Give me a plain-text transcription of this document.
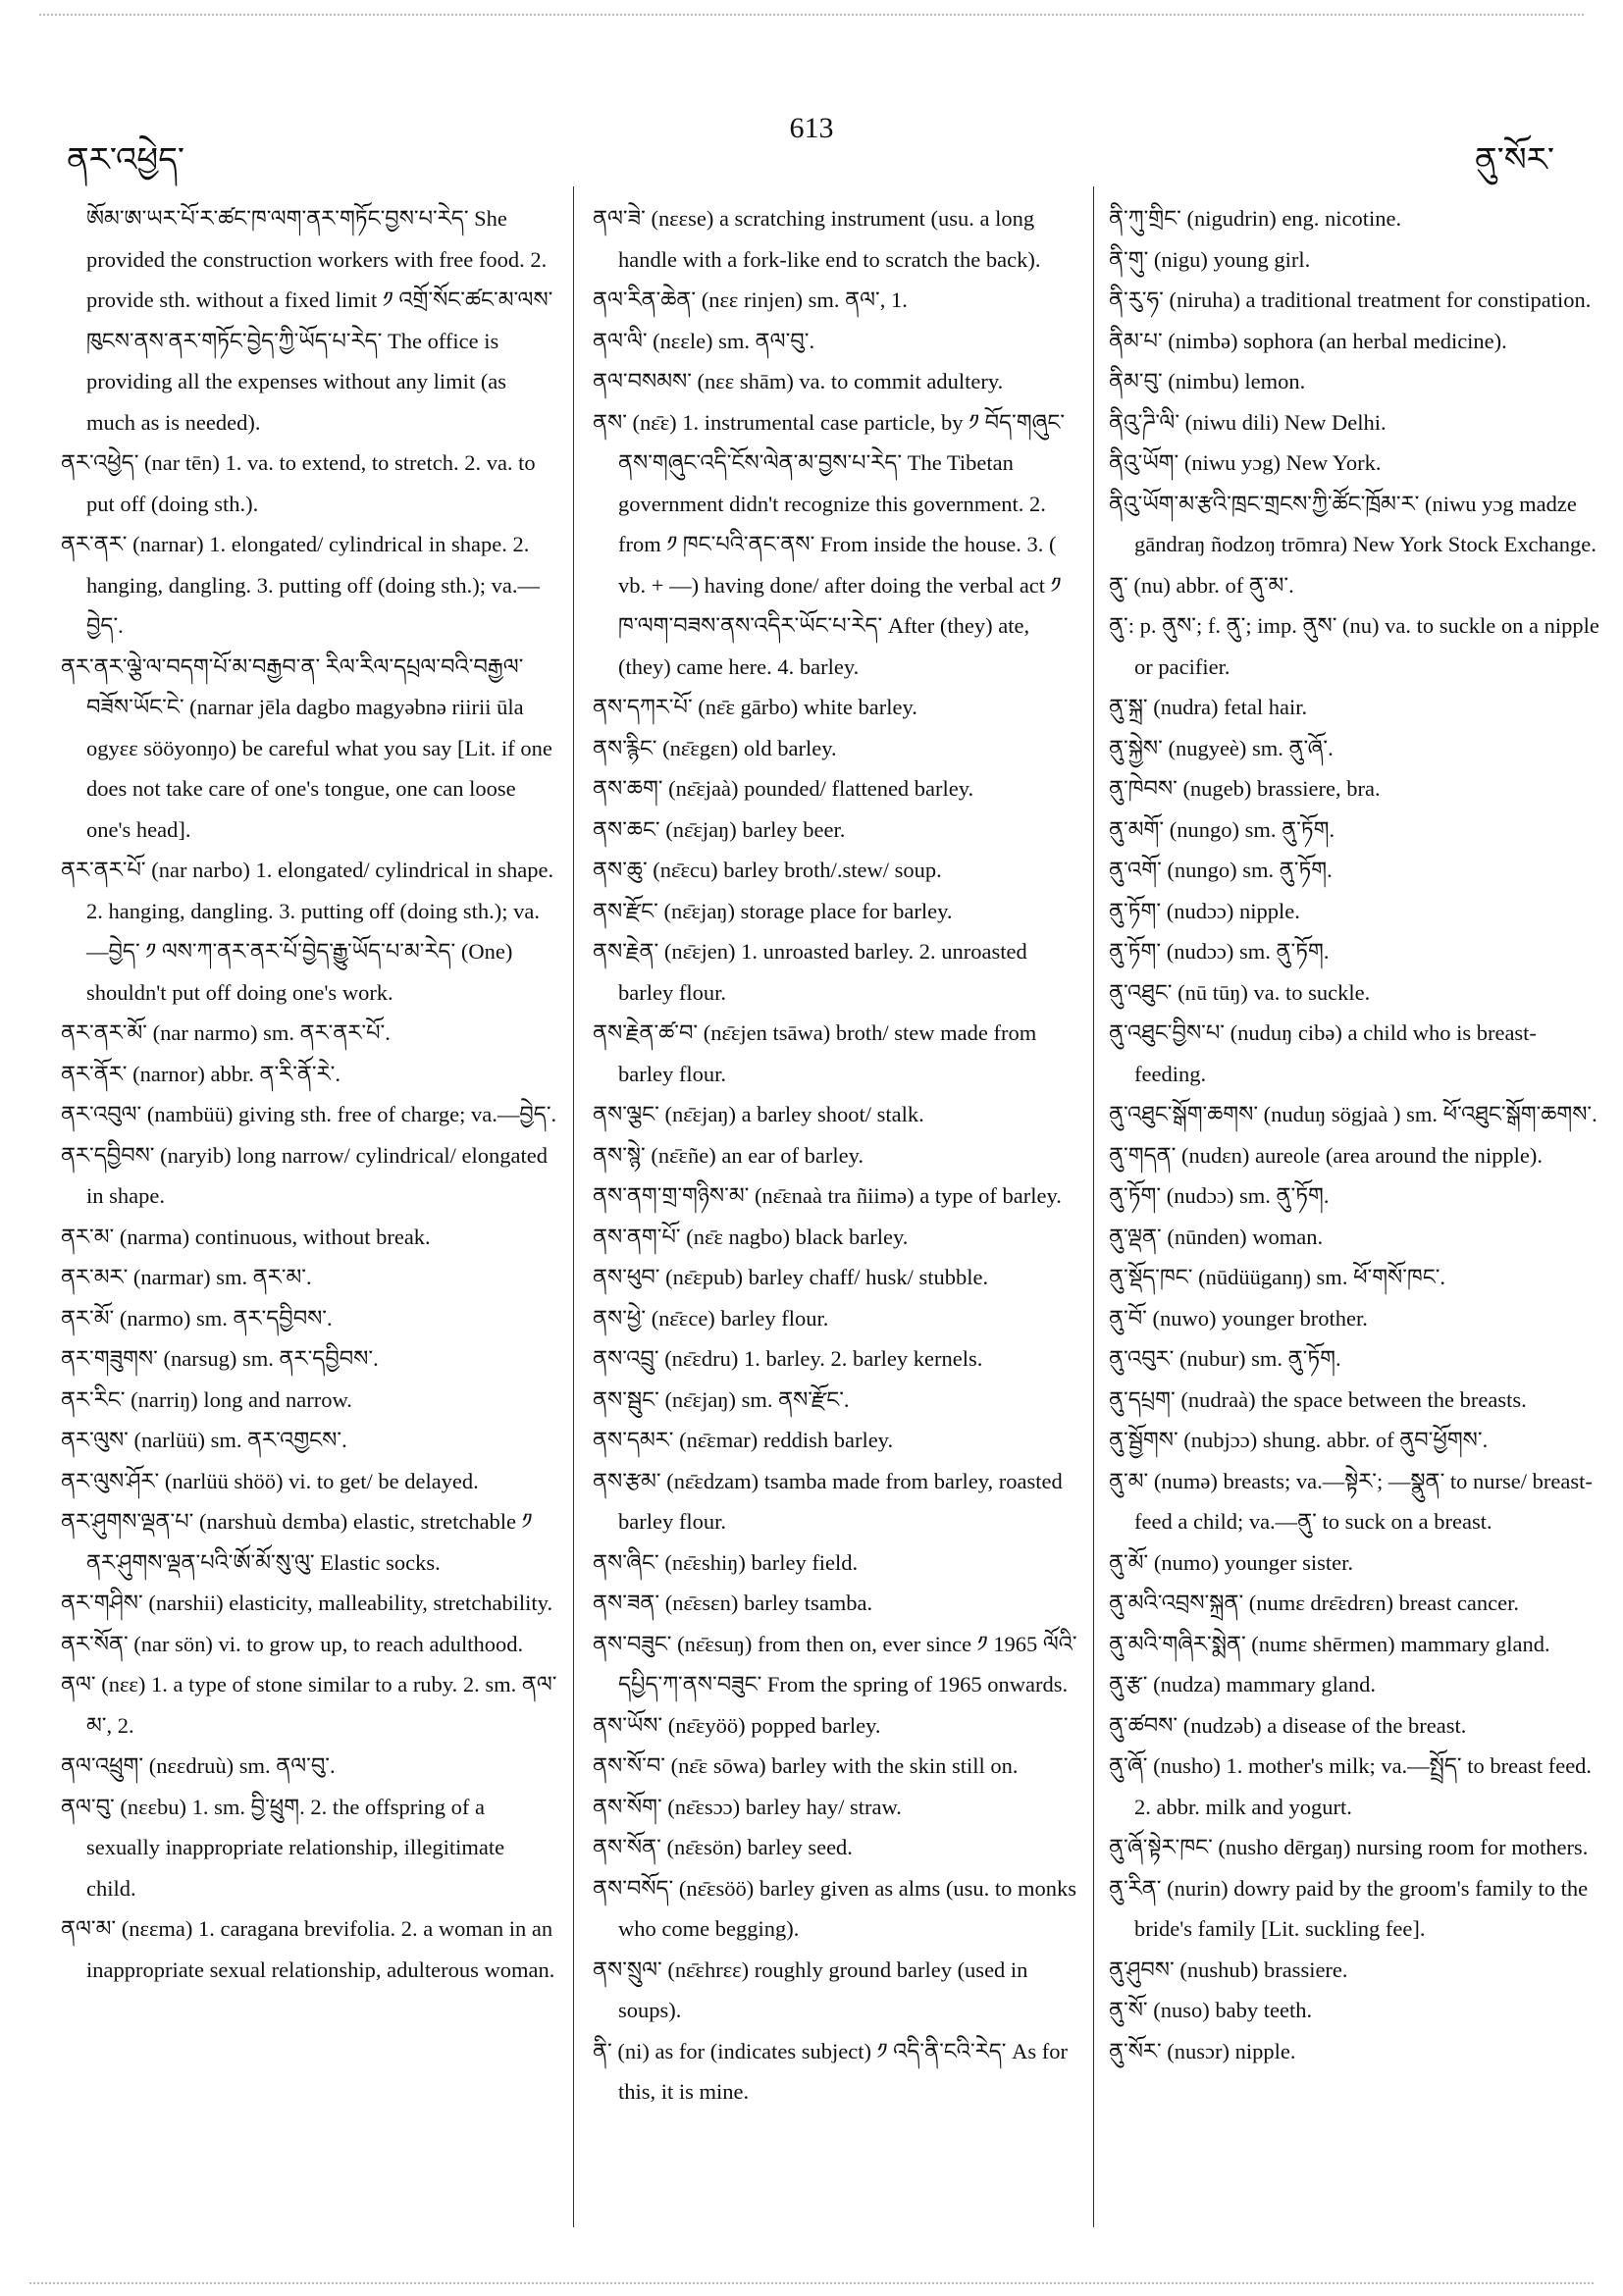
ནར་འཕྱེད་
613
ནུ་སོར་
ཨོམ་ཨ་ཡར་པོ་ར་ཚང་ཁ་ལག་ནར་གཏོང་བྱས་པ་རེད་ She provided the construction workers with free food. 2. provide sth. without a fixed limit ༡ འགྲོ་སོང་ཚང་མ་ལས་ཁུངས་ནས་ནར་གཏོང་བྱེད་ཀྱི་ཡོད་པ་རེད་ The office is providing all the expenses without any limit (as much as is needed).
ནར་འཕྱེད་ (nar tēn) 1. va. to extend, to stretch. 2. va. to put off (doing sth.).
ནར་ནར་ (narnar) 1. elongated/ cylindrical in shape. 2. hanging, dangling. 3. putting off (doing sth.); va.—བྱེད་.
ནར་ནར་ལྕེ་ལ་བདག་པོ་མ་བརྒྱབ་ན་ རིལ་རིལ་དཔྲལ་བའི་བརྒྱལ་བཟོས་ཡོང་ངེ་ (narnar jēla dagbo magyəbnə riirii ūla ogyɛɛ sööyonŋo) be careful what you say [Lit. if one does not take care of one's tongue, one can loose one's head].
ནར་ནར་པོ་ (nar narbo) 1. elongated/ cylindrical in shape. 2. hanging, dangling. 3. putting off (doing sth.); va.—བྱེད་ ༡ ལས་ཀ་ནར་ནར་པོ་བྱེད་རྒྱུ་ཡོད་པ་མ་རེད་ (One) shouldn't put off doing one's work.
ནར་ནར་མོ་ (nar narmo) sm. ནར་ནར་པོ་.
ནར་ནོར་ (narnor) abbr. ན་རི་ནོ་རེ་.
ནར་འབུལ་ (nambüü) giving sth. free of charge; va.—བྱེད་.
ནར་དབྱིབས་ (naryib) long narrow/ cylindrical/ elongated in shape.
ནར་མ་ (narma) continuous, without break.
ནར་མར་ (narmar) sm. ནར་མ་.
ནར་མོ་ (narmo) sm. ནར་དབྱིབས་.
ནར་གཟུགས་ (narsug) sm. ནར་དབྱིབས་.
ནར་རིང་ (narriŋ) long and narrow.
ནར་ལུས་ (narlüü) sm. ནར་འགྱངས་.
ནར་ལུས་ཤོར་ (narlüü shöö) vi. to get/ be delayed.
ནར་ཤུགས་ལྡན་པ་ (narshuù dɛmba) elastic, stretchable ༡ ནར་ཤུགས་ལྡན་པའི་ཨོ་མོ་སུ་ལུ་ Elastic socks.
ནར་གཤིས་ (narshii) elasticity, malleability, stretchability.
ནར་སོན་ (nar sön) vi. to grow up, to reach adulthood.
ནལ་ (nɛɛ) 1. a type of stone similar to a ruby. 2. sm. ནལ་མ་, 2.
ནལ་འཕྲུག་ (nɛɛdruù) sm. ནལ་བུ་.
ནལ་བུ་ (nɛɛbu) 1. sm. བྱི་ཕྲུག. 2. the offspring of a sexually inappropriate relationship, illegitimate child.
ནལ་མ་ (nɛɛma) 1. caragana brevifolia. 2. a woman in an inappropriate sexual relationship, adulterous woman.
ནལ་ཟེ་ (nɛɛse) a scratching instrument (usu. a long handle with a fork-like end to scratch the back).
ནལ་རིན་ཆེན་ (nɛɛ rinjen) sm. ནལ་, 1.
ནལ་ལི་ (nɛɛle) sm. ནལ་བུ་.
ནལ་བསམས་ (nɛɛ shām) va. to commit adultery.
ནས་ (nɛ̄ɛ) 1. instrumental case particle, by ༡ བོད་གཞུང་ནས་གཞུང་འདི་ངོས་ལེན་མ་བྱས་པ་རེད་ The Tibetan government didn't recognize this government. 2. from ༡ ཁང་པའི་ནང་ནས་ From inside the house. 3. ( vb. + —) having done/ after doing the verbal act ༡ ཁ་ལག་བཟས་ནས་འདིར་ཡོང་པ་རེད་ After (they) ate, (they) came here. 4. barley.
ནས་དཀར་པོ་ (nɛ̄ɛ gārbo) white barley.
ནས་རྙིང་ (nɛ̄ɛgɛn) old barley.
ནས་ཆག་ (nɛ̄ɛjaà) pounded/ flattened barley.
ནས་ཆང་ (nɛ̄ɛjaŋ) barley beer.
ནས་ཆུ་ (nɛ̄ɛcu) barley broth/.stew/ soup.
ནས་རྫོང་ (nɛ̄ɛjaŋ) storage place for barley.
ནས་རྗེན་ (nɛ̄ɛjen) 1. unroasted barley. 2. unroasted barley flour.
ནས་རྗེན་ཚ་བ་ (nɛ̄ɛjen tsāwa) broth/ stew made from barley flour.
ནས་ལྕང་ (nɛ̄ɛjaŋ) a barley shoot/ stalk.
ནས་སྙེ་ (nɛ̄ɛñe) an ear of barley.
ནས་ནག་གྲ་གཉིས་མ་ (nɛ̄ɛnaà tra ñiimə) a type of barley.
ནས་ནག་པོ་ (nɛ̄ɛ nagbo) black barley.
ནས་ཕུབ་ (nɛ̄ɛpub) barley chaff/ husk/ stubble.
ནས་ཕྱེ་ (nɛ̄ɛce) barley flour.
ནས་འབྲུ་ (nɛ̄ɛdru) 1. barley. 2. barley kernels.
ནས་སྦུང་ (nɛ̄ɛjaŋ) sm. ནས་རྫོང་.
ནས་དམར་ (nɛ̄ɛmar) reddish barley.
ནས་རྩམ་ (nɛ̄ɛdzam) tsamba made from barley, roasted barley flour.
ནས་ཞིང་ (nɛ̄ɛshiŋ) barley field.
ནས་ཟན་ (nɛ̄ɛsɛn) barley tsamba.
ནས་བཟུང་ (nɛ̄ɛsuŋ) from then on, ever since ༡ 1965 ལོའི་དཔྱིད་ཀ་ནས་བཟུང་ From the spring of 1965 onwards.
ནས་ཡོས་ (nɛ̄ɛyöö) popped barley.
ནས་སོ་བ་ (nɛ̄ɛ sōwa) barley with the skin still on.
ནས་སོག་ (nɛ̄ɛsɔɔ) barley hay/ straw.
ནས་སོན་ (nɛ̄ɛsön) barley seed.
ནས་བསོད་ (nɛ̄ɛsöö) barley given as alms (usu. to monks who come begging).
ནས་སྲུལ་ (nɛ̄ɛhrɛɛ) roughly ground barley (used in soups).
ནི་ (ni) as for (indicates subject) ༡ འདི་ནི་ངའི་རེད་ As for this, it is mine.
ནི་ཀུ་གྲིང་ (nigudrin) eng. nicotine.
ནི་གུ་ (nigu) young girl.
ནི་རུ་ཧ་ (niruha) a traditional treatment for constipation.
ནིམ་པ་ (nimbə) sophora (an herbal medicine).
ནིམ་བུ་ (nimbu) lemon.
ནིའུ་ཌི་ལི་ (niwu dili) New Delhi.
ནིའུ་ཡོག་ (niwu yɔg) New York.
ནིའུ་ཡོག་མ་རྩའི་ཁྲང་གྲངས་ཀྱི་ཚོང་ཁྲོམ་ར་ (niwu yɔg madze gāndraŋ ñodzoŋ trōmra) New York Stock Exchange.
ནུ་ (nu) abbr. of ནུ་མ་.
ནུ་: p. ནུས་; f. ནུ་; imp. ནུས་ (nu) va. to suckle on a nipple or pacifier.
ནུ་སྐྲ་ (nudra) fetal hair.
ནུ་སྐྱེས་ (nugyeè) sm. ནུ་ཞོ་.
ནུ་ཁེབས་ (nugeb) brassiere, bra.
ནུ་མགོ་ (nungo) sm. ནུ་ཏོག.
ནུ་འགོ་ (nungo) sm. ནུ་ཏོག.
ནུ་ཏོག་ (nudɔɔ) nipple.
ནུ་ཏོག་ (nudɔɔ) sm. ནུ་ཏོག.
ནུ་འཐུང་ (nū tūŋ) va. to suckle.
ནུ་འཐུང་བྱིས་པ་ (nuduŋ cibə) a child who is breast-feeding.
ནུ་འཐུང་སྒོག་ཆགས་ (nuduŋ sögjaà ) sm. ཕོ་འཐུང་སྒོག་ཆགས་.
ནུ་གདན་ (nudɛn) aureole (area around the nipple).
ནུ་ཏོག་ (nudɔɔ) sm. ནུ་ཏོག.
ནུ་ལྡན་ (nūnden) woman.
ནུ་སྡོད་ཁང་ (nūdüüganŋ) sm. ཕོ་གསོ་ཁང་.
ནུ་བོ་ (nuwo) younger brother.
ནུ་འབུར་ (nubur) sm. ནུ་ཏོག.
ནུ་དཔྲག་ (nudraà) the space between the breasts.
ནུ་སྦྱོགས་ (nubjɔɔ) shung. abbr. of ནུབ་ཕྱོགས་.
ནུ་མ་ (numə) breasts; va.—སྟེར་; —སྣུན་ to nurse/ breast-feed a child; va.—ནུ་ to suck on a breast.
ནུ་མོ་ (numo) younger sister.
ནུ་མའི་འབྲས་སྐྲན་ (numɛ drɛ̄ɛdrɛn) breast cancer.
ནུ་མའི་གཞིར་སྨེན་ (numɛ shērmen) mammary gland.
ནུ་རྩ་ (nudza) mammary gland.
ནུ་ཚབས་ (nudzəb) a disease of the breast.
ནུ་ཞོ་ (nusho) 1. mother's milk; va.—སྤྲོད་ to breast feed. 2. abbr. milk and yogurt.
ནུ་ཞོ་སྟེར་ཁང་ (nusho dērgaŋ) nursing room for mothers.
ནུ་རིན་ (nurin) dowry paid by the groom's family to the bride's family [Lit. suckling fee].
ནུ་ཤུབས་ (nushub) brassiere.
ནུ་སོ་ (nuso) baby teeth.
ནུ་སོར་ (nusɔr) nipple.
